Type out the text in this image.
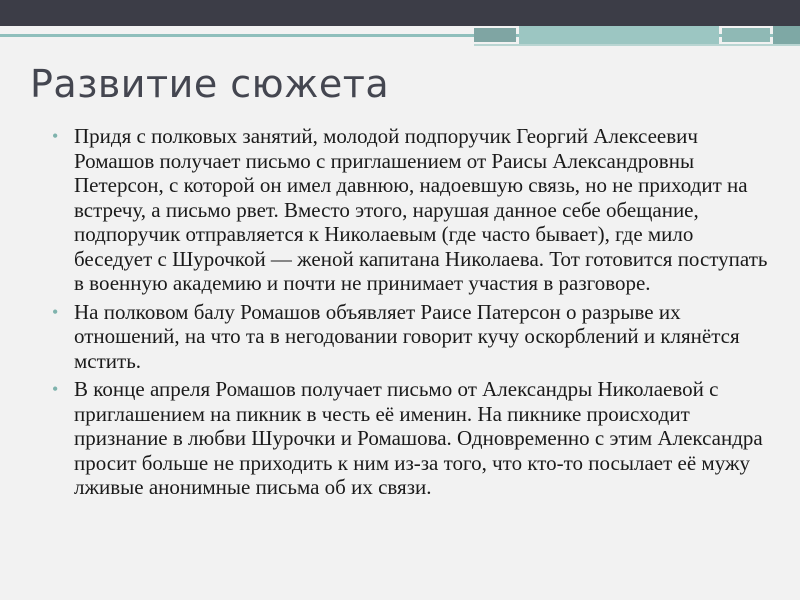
Развитие сюжета
• Придя с полковых занятий, молодой подпоручик Георгий Алексеевич Ромашов получает письмо с приглашением от Раисы Александровны Петерсон, с которой он имел давнюю, надоевшую связь, но не приходит на встречу, а письмо рвет. Вместо этого, нарушая данное себе обещание, подпоручик отправляется к Николаевым (где часто бывает), где мило беседует с Шурочкой — женой капитана Николаева. Тот готовится поступать в военную академию и почти не принимает участия в разговоре.
• На полковом балу Ромашов объявляет Раисе Патерсон о разрыве их отношений, на что та в негодовании говорит кучу оскорблений и клянётся мстить.
• В конце апреля Ромашов получает письмо от Александры Николаевой с приглашением на пикник в честь её именин. На пикнике происходит признание в любви Шурочки и Ромашова. Одновременно с этим Александра просит больше не приходить к ним из-за того, что кто-то посылает её мужу лживые анонимные письма об их связи.
